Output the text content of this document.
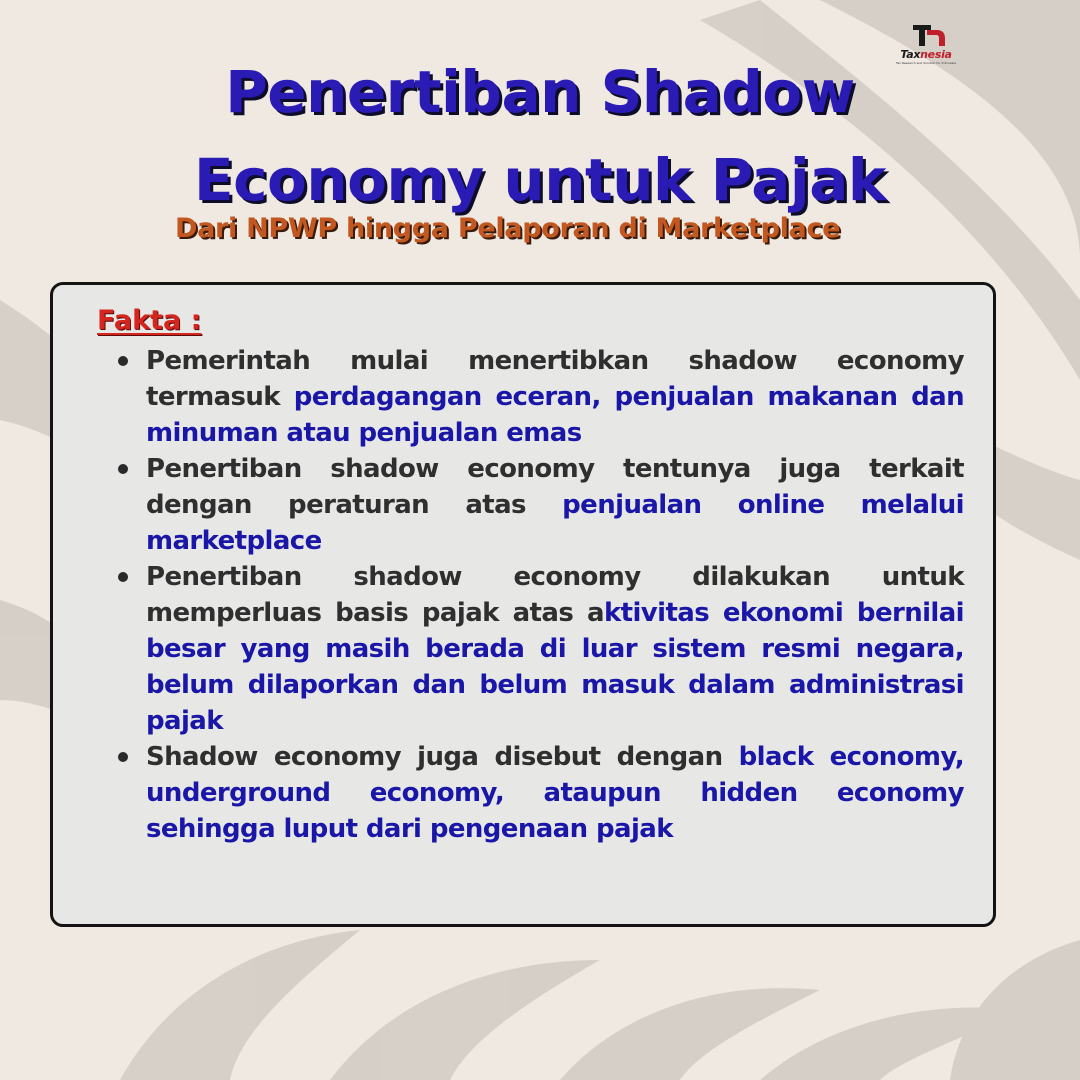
Taxnesia
Tax Research and Solution for Indonesia
Penertiban Shadow
Economy untuk Pajak
Dari NPWP hingga Pelaporan di Marketplace
Fakta :
Pemerintah mulai menertibkan shadow economy termasuk perdagangan eceran, penjualan makanan dan minuman atau penjualan emas
Penertiban shadow economy tentunya juga terkait dengan peraturan atas penjualan online melalui marketplace
Penertiban shadow economy dilakukan untuk memperluas basis pajak atas aktivitas ekonomi bernilai besar yang masih berada di luar sistem resmi negara, belum dilaporkan dan belum masuk dalam administrasi pajak
Shadow economy juga disebut dengan black economy, underground economy, ataupun hidden economy sehingga luput dari pengenaan pajak
